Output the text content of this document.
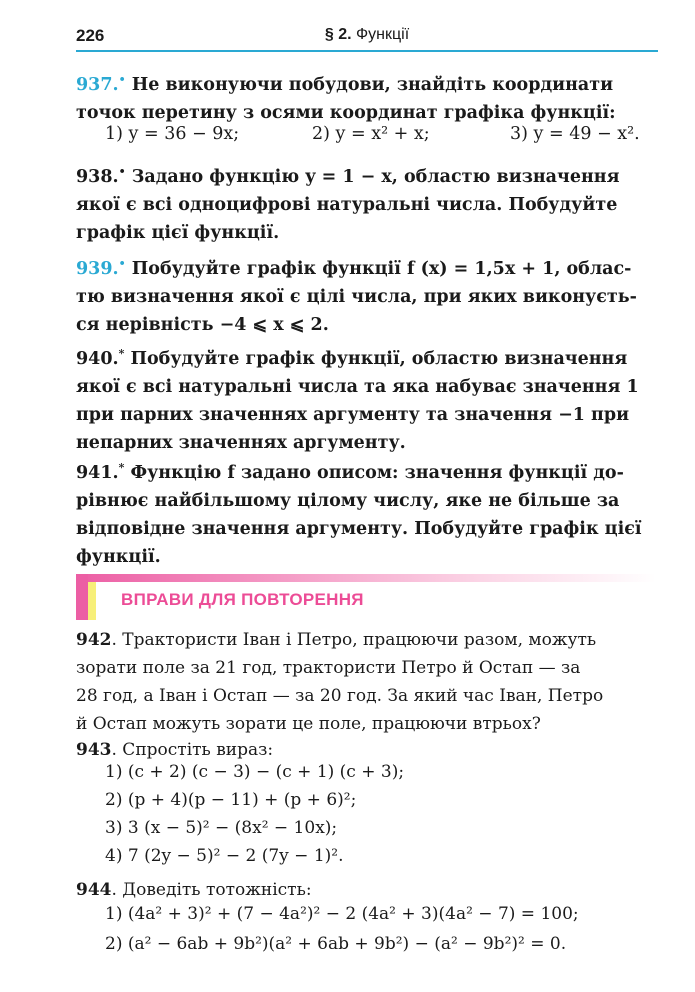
226	§ 2. Функції
937.• Не виконуючи побудови, знайдіть координати
точок перетину з осями координат графіка функції:
1) y = 36 − 9x;	2) y = x² + x;	3) y = 49 − x².
938.• Задано функцію y = 1 − x, областю визначення
якої є всі одноцифрові натуральні числа. Побудуйте
графік цієї функції.
939.• Побудуйте графік функції f (x) = 1,5x + 1, облас-
тю визначення якої є цілі числа, при яких виконуєть-
ся нерівність −4 ⩽ x ⩽ 2.
940.* Побудуйте графік функції, областю визначення
якої є всі натуральні числа та яка набуває значення 1
при парних значеннях аргументу та значення −1 при
непарних значеннях аргументу.
941.* Функцію f задано описом: значення функції до-
рівнює найбільшому цілому числу, яке не більше за
відповідне значення аргументу. Побудуйте графік цієї
функції.
ВПРАВИ ДЛЯ ПОВТОРЕННЯ
942. Трактористи Іван і Петро, працюючи разом, можуть
зорати поле за 21 год, трактористи Петро й Остап — за
28 год, а Іван і Остап — за 20 год. За який час Іван, Петро
й Остап можуть зорати це поле, працюючи втрьох?
943. Спростіть вираз:
1) (c + 2) (c − 3) − (c + 1) (c + 3);
2) (p + 4)(p − 11) + (p + 6)²;
3) 3 (x − 5)² − (8x² − 10x);
4) 7 (2y − 5)² − 2 (7y − 1)².
944. Доведіть тотожність:
1) (4a² + 3)² + (7 − 4a²)² − 2 (4a² + 3)(4a² − 7) = 100;
2) (a² − 6ab + 9b²)(a² + 6ab + 9b²) − (a² − 9b²)² = 0.
